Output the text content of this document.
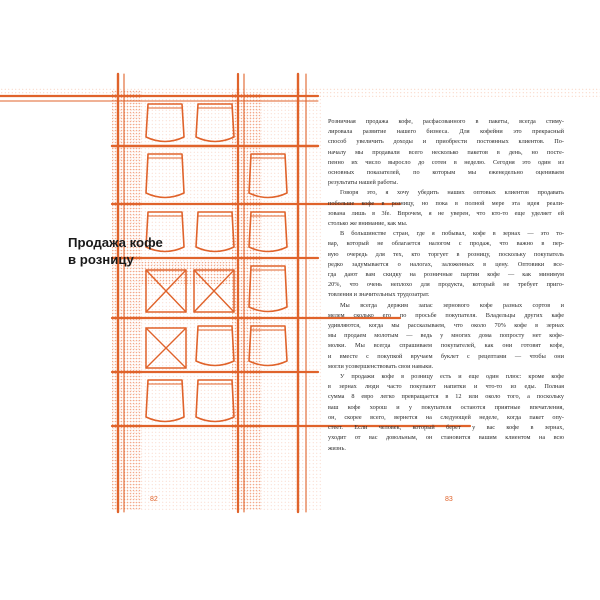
Продажа кофе
в розницу
Розничная продажа кофе, расфасованного в пакеты, всегда стиму-
лировала развитие нашего бизнеса. Для кофейни это прекрасный
способ увеличить доходы и приобрести постоянных клиентов. По-
началу мы продавали всего несколько пакетов в день, но постe-
пенно их число выросло до сотен в неделю. Сегодня это один из
основных показателей, по которым мы еженедельно оцениваем
результаты нашей работы.
Говоря это, я хочу убедить наших оптовых клиентов продавать
побольше кофе в розницу, но пока в полной мере эта идея реали-
зована лишь в 3fe. Впрочем, я не уверен, что кто-то еще уделяет ей
столько же внимание, как мы.
В большинстве стран, где я побывал, кофе в зернах — это то-
вар, который не облагается налогом с продаж, что важно в пер-
вую очередь для тех, кто торгует в розницу, поскольку покупатель
редко задумывается о налогах, заложенных в цену. Оптовики все-
гда дают вам скидку на розничные партии кофе — как минимум
20%, что очень неплохо для продукта, который не требует приго-
товления и значительных трудозатрат.
Мы всегда держим запас зернового кофе разных сортов и
мелем сколько его по просьбе покупателя. Владельцы других кафе
удивляются, когда мы рассказываем, что около 70% кофе в зернах
мы продаем молотым — ведь у многих дома попросту нет кофе-
молки. Мы всегда спрашиваем покупателей, как они готовят кофе,
и вместе с покупкой вручаем буклет с рецептами — чтобы они
могли усовершенствовать свои навыки.
У продажи кофе в розницу есть и еще один плюс: кроме кофе
в зернах люди часто покупают напитки и что-то из еды. Полная
сумма 8 евро легко превращается в 12 или около того, а поскольку
ваш кофе хорош и у покупателя остаются приятные впечатления,
он, скорее всего, вернется на следующей неделе, когда пакет опу-
стеет. Если человек, который берет у вас кофе в зернах,
уходит от вас довольным, он становится вашим клиентом на всю
жизнь.
82	83
